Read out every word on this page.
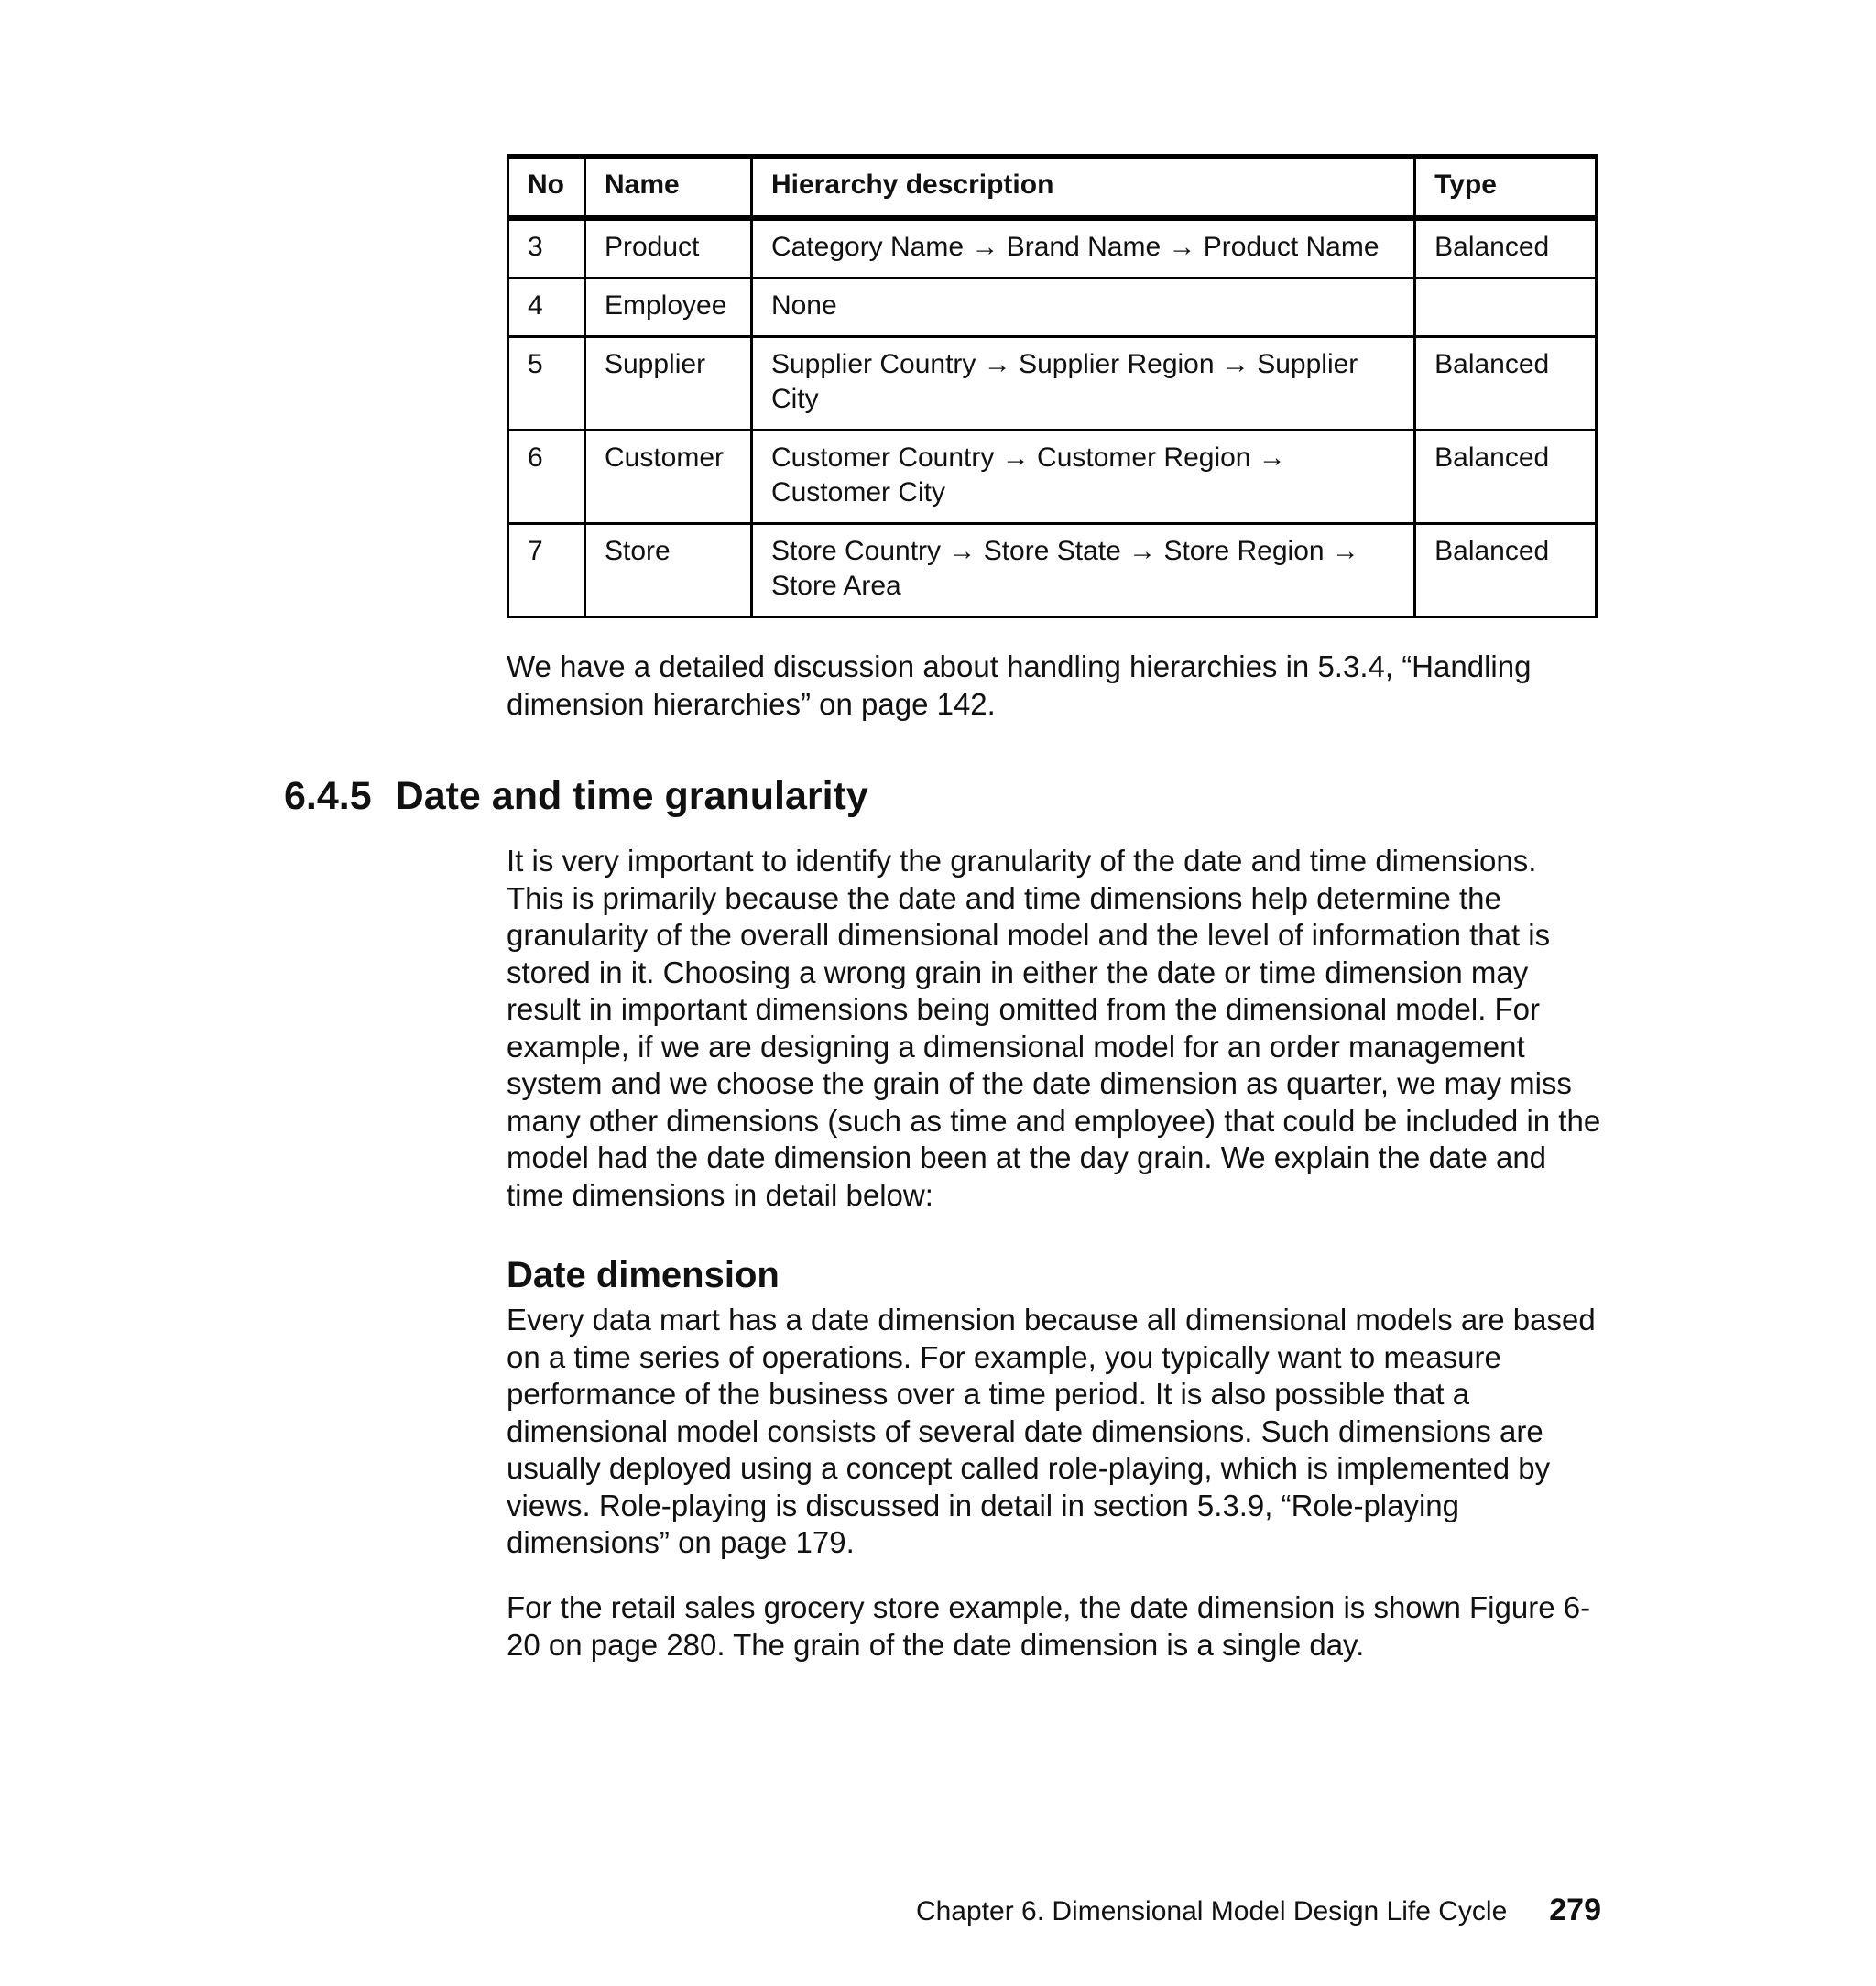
No	Name	Hierarchy description	Type
3	Product	Category Name → Brand Name → Product Name	Balanced
4	Employee	None	
5	Supplier	Supplier Country → Supplier Region → Supplier City	Balanced
6	Customer	Customer Country → Customer Region → Customer City	Balanced
7	Store	Store Country → Store State → Store Region → Store Area	Balanced

We have a detailed discussion about handling hierarchies in 5.3.4, “Handling dimension hierarchies” on page 142.

6.4.5 Date and time granularity

It is very important to identify the granularity of the date and time dimensions. This is primarily because the date and time dimensions help determine the granularity of the overall dimensional model and the level of information that is stored in it. Choosing a wrong grain in either the date or time dimension may result in important dimensions being omitted from the dimensional model. For example, if we are designing a dimensional model for an order management system and we choose the grain of the date dimension as quarter, we may miss many other dimensions (such as time and employee) that could be included in the model had the date dimension been at the day grain. We explain the date and time dimensions in detail below:

Date dimension

Every data mart has a date dimension because all dimensional models are based on a time series of operations. For example, you typically want to measure performance of the business over a time period. It is also possible that a dimensional model consists of several date dimensions. Such dimensions are usually deployed using a concept called role-playing, which is implemented by views. Role-playing is discussed in detail in section 5.3.9, “Role-playing dimensions” on page 179.

For the retail sales grocery store example, the date dimension is shown Figure 6-20 on page 280. The grain of the date dimension is a single day.

Chapter 6. Dimensional Model Design Life Cycle 279
